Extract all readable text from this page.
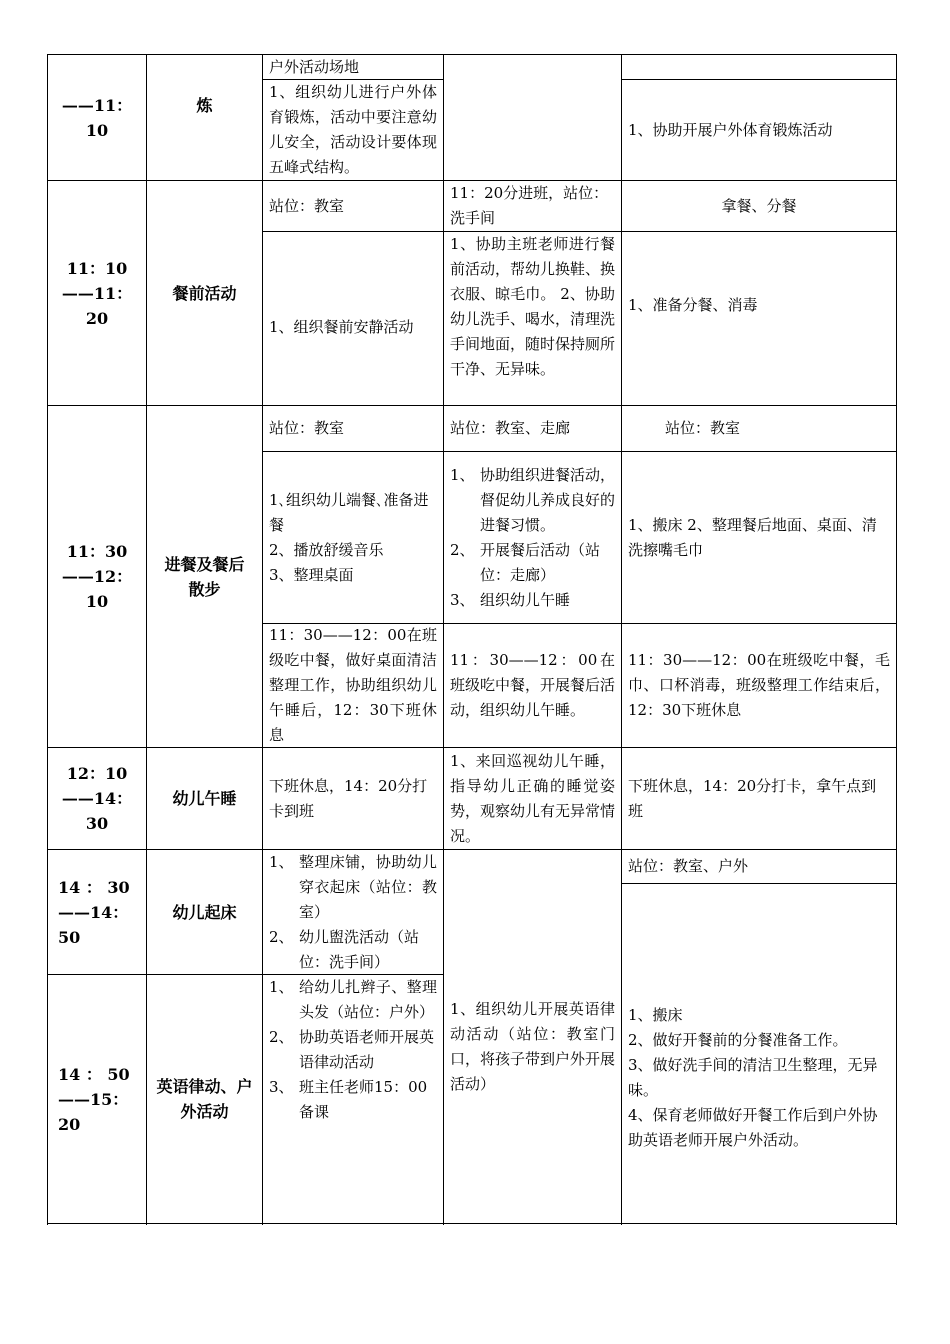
——11：10
炼
户外活动场地
1、组织幼儿进行户外体育锻炼，活动中要注意幼儿安全，活动设计要体现五峰式结构。
1、协助开展户外体育锻炼活动
11：10
——11：
20
餐前活动
站位：教室
11：20分进班，站位：洗手间
拿餐、分餐
1、组织餐前安静活动
1、协助主班老师进行餐前活动，帮幼儿换鞋、换衣服、晾毛巾。 2、协助幼儿洗手、喝水，清理洗手间地面，随时保持厕所干净、无异味。
1、准备分餐、消毒
11：30
——12：
10
进餐及餐后散步
站位：教室	站位：教室、走廊	站位：教室
1､组织幼儿端餐､准备进餐
2、播放舒缓音乐
3、整理桌面
1、 协助组织进餐活动，督促幼儿养成良好的进餐习惯。
2、 开展餐后活动（站位：走廊）
3、 组织幼儿午睡
1、搬床 2、整理餐后地面、桌面、清洗擦嘴毛巾
11：30——12：00在班级吃中餐，做好桌面清洁整理工作，协助组织幼儿午睡后，12：30下班休息
11：30——12：00在班级吃中餐，开展餐后活动，组织幼儿午睡。
11：30——12：00在班级吃中餐，毛巾、口杯消毒，班级整理工作结束后，12：30下班休息
12：10
——14：
30
幼儿午睡
下班休息，14：20分打卡到班
1、来回巡视幼儿午睡，指导幼儿正确的睡觉姿势，观察幼儿有无异常情况。
下班休息，14：20分打卡，拿午点到班
14 ： 30
——14：
50
幼儿起床
1、 整理床铺，协助幼儿穿衣起床（站位：教室）
2、 幼儿盥洗活动（站位：洗手间）
站位：教室、户外
14 ： 50
——15：
20
英语律动、户外活动
1、 给幼儿扎辫子、整理头发（站位：户外）
2、 协助英语老师开展英语律动活动
3、 班主任老师15：00备课
1、组织幼儿开展英语律动活动（站位：教室门口，将孩子带到户外开展活动）

1、搬床
2、做好开餐前的分餐准备工作。
3、做好洗手间的清洁卫生整理，无异味。
4、保育老师做好开餐工作后到户外协助英语老师开展户外活动。
